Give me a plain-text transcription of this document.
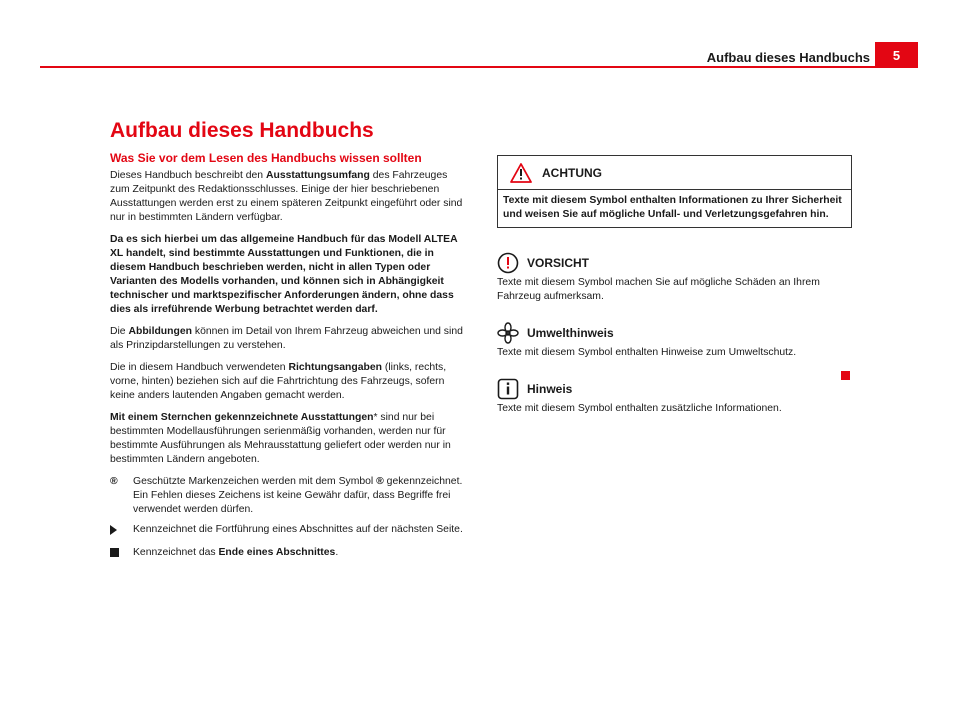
Aufbau dieses Handbuchs	5
Aufbau dieses Handbuchs
Was Sie vor dem Lesen des Handbuchs wissen sollten

Dieses Handbuch beschreibt den Ausstattungsumfang des Fahrzeuges zum Zeitpunkt des Redaktionsschlusses. Einige der hier beschriebenen Ausstattungen werden erst zu einem späteren Zeitpunkt eingeführt oder sind nur in bestimmten Ländern verfügbar.

Da es sich hierbei um das allgemeine Handbuch für das Modell ALTEA XL handelt, sind bestimmte Ausstattungen und Funktionen, die in diesem Handbuch beschrieben werden, nicht in allen Typen oder Varianten des Modells vorhanden, und können sich in Abhängigkeit technischer und marktspezifischer Anforderungen ändern, ohne dass dies als irreführende Werbung betrachtet werden darf.

Die Abbildungen können im Detail von Ihrem Fahrzeug abweichen und sind als Prinzipdarstellungen zu verstehen.

Die in diesem Handbuch verwendeten Richtungsangaben (links, rechts, vorne, hinten) beziehen sich auf die Fahrtrichtung des Fahrzeugs, sofern keine anders lautenden Angaben gemacht werden.

Mit einem Sternchen gekennzeichnete Ausstattungen* sind nur bei bestimmten Modellausführungen serienmäßig vorhanden, werden nur für bestimmte Ausführungen als Mehrausstattung geliefert oder werden nur in bestimmten Ländern angeboten.

®	Geschützte Markenzeichen werden mit dem Symbol ® gekennzeichnet. Ein Fehlen dieses Zeichens ist keine Gewähr dafür, dass Begriffe frei verwendet werden dürfen.
Kennzeichnet die Fortführung eines Abschnittes auf der nächsten Seite.
Kennzeichnet das Ende eines Abschnittes.
ACHTUNG
Texte mit diesem Symbol enthalten Informationen zu Ihrer Sicherheit und weisen Sie auf mögliche Unfall- und Verletzungsgefahren hin.
VORSICHT

Texte mit diesem Symbol machen Sie auf mögliche Schäden an Ihrem Fahrzeug aufmerksam.

Umwelthinweis

Texte mit diesem Symbol enthalten Hinweise zum Umweltschutz.

Hinweis

Texte mit diesem Symbol enthalten zusätzliche Informationen.
